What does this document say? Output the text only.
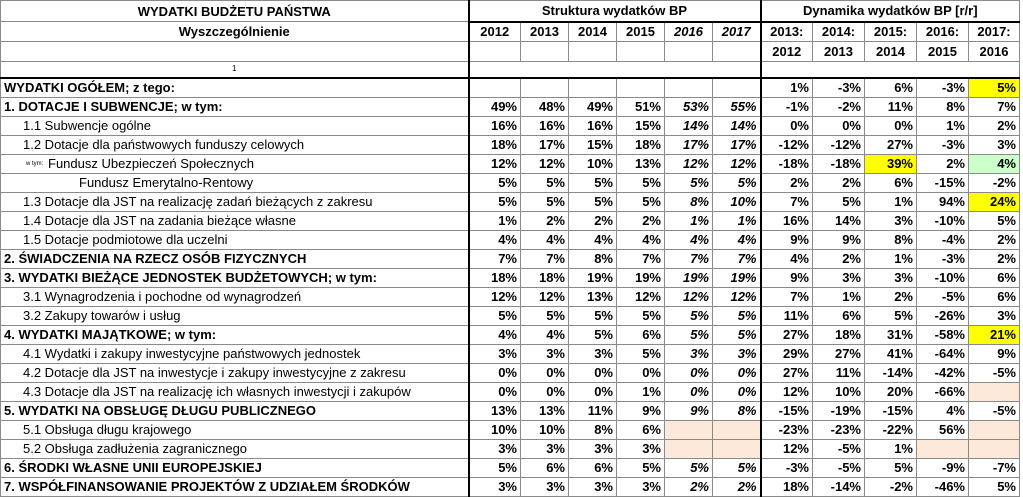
WYDATKI BUDŻETU PAŃSTWA	Struktura wydatków BP						Dynamika wydatków BP [r/r]				
Wyszczególnienie	2012	2013	2014	2015	2016	2017	2013:	2014:	2015:	2016:	2017:
							2012	2013	2014	2015	2016
1											
WYDATKI OGÓŁEM; z tego:							1%	-3%	6%	-3%	5%
1. DOTACJE I SUBWENCJE; w tym:	49%	48%	49%	51%	53%	55%	-1%	-2%	11%	8%	7%
1.1 Subwencje ogólne	16%	16%	16%	15%	14%	14%	0%	0%	0%	1%	2%
1.2 Dotacje dla państwowych funduszy celowych	18%	17%	15%	18%	17%	17%	-12%	-12%	27%	-3%	3%
w tym: Fundusz Ubezpieczeń Społecznych	12%	12%	10%	13%	12%	12%	-18%	-18%	39%	2%	4%
Fundusz Emerytalno-Rentowy	5%	5%	5%	5%	5%	5%	2%	2%	6%	-15%	-2%
1.3 Dotacje dla JST na realizację zadań bieżących z zakresu	5%	5%	5%	5%	8%	10%	7%	5%	1%	94%	24%
1.4 Dotacje dla JST na zadania bieżące własne	1%	2%	2%	2%	1%	1%	16%	14%	3%	-10%	5%
1.5 Dotacje podmiotowe dla uczelni	4%	4%	4%	4%	4%	4%	9%	9%	8%	-4%	2%
2. ŚWIADCZENIA NA RZECZ OSÓB FIZYCZNYCH	7%	7%	8%	7%	7%	7%	4%	2%	1%	-3%	2%
3. WYDATKI BIEŻĄCE JEDNOSTEK BUDŻETOWYCH; w tym:	18%	18%	19%	19%	19%	19%	9%	3%	3%	-10%	6%
3.1 Wynagrodzenia i pochodne od wynagrodzeń	12%	12%	13%	12%	12%	12%	7%	1%	2%	-5%	6%
3.2 Zakupy towarów i usług	5%	5%	5%	5%	5%	5%	11%	6%	5%	-26%	3%
4. WYDATKI MAJĄTKOWE; w tym:	4%	4%	5%	6%	5%	5%	27%	18%	31%	-58%	21%
4.1 Wydatki i zakupy inwestycyjne państwowych jednostek	3%	3%	3%	5%	3%	3%	29%	27%	41%	-64%	9%
4.2 Dotacje dla JST na inwestycje i zakupy inwestycyjne z zakresu	0%	0%	0%	0%	0%	0%	27%	11%	-14%	-42%	-5%
4.3 Dotacje dla JST na realizację ich własnych inwestycji i zakupów	0%	0%	0%	1%	0%	0%	12%	10%	20%	-66%	
5. WYDATKI NA OBSŁUGĘ DŁUGU PUBLICZNEGO	13%	13%	11%	9%	9%	8%	-15%	-19%	-15%	4%	-5%
5.1 Obsługa długu krajowego	10%	10%	8%	6%			-23%	-23%	-22%	56%	
5.2 Obsługa zadłużenia zagranicznego	3%	3%	3%	3%			12%	-5%	1%		
6. ŚRODKI WŁASNE UNII EUROPEJSKIEJ	5%	6%	6%	5%	5%	5%	-3%	-5%	5%	-9%	-7%
7. WSPÓŁFINANSOWANIE PROJEKTÓW Z UDZIAŁEM ŚRODKÓW	3%	3%	3%	3%	2%	2%	18%	-14%	-2%	-46%	5%
